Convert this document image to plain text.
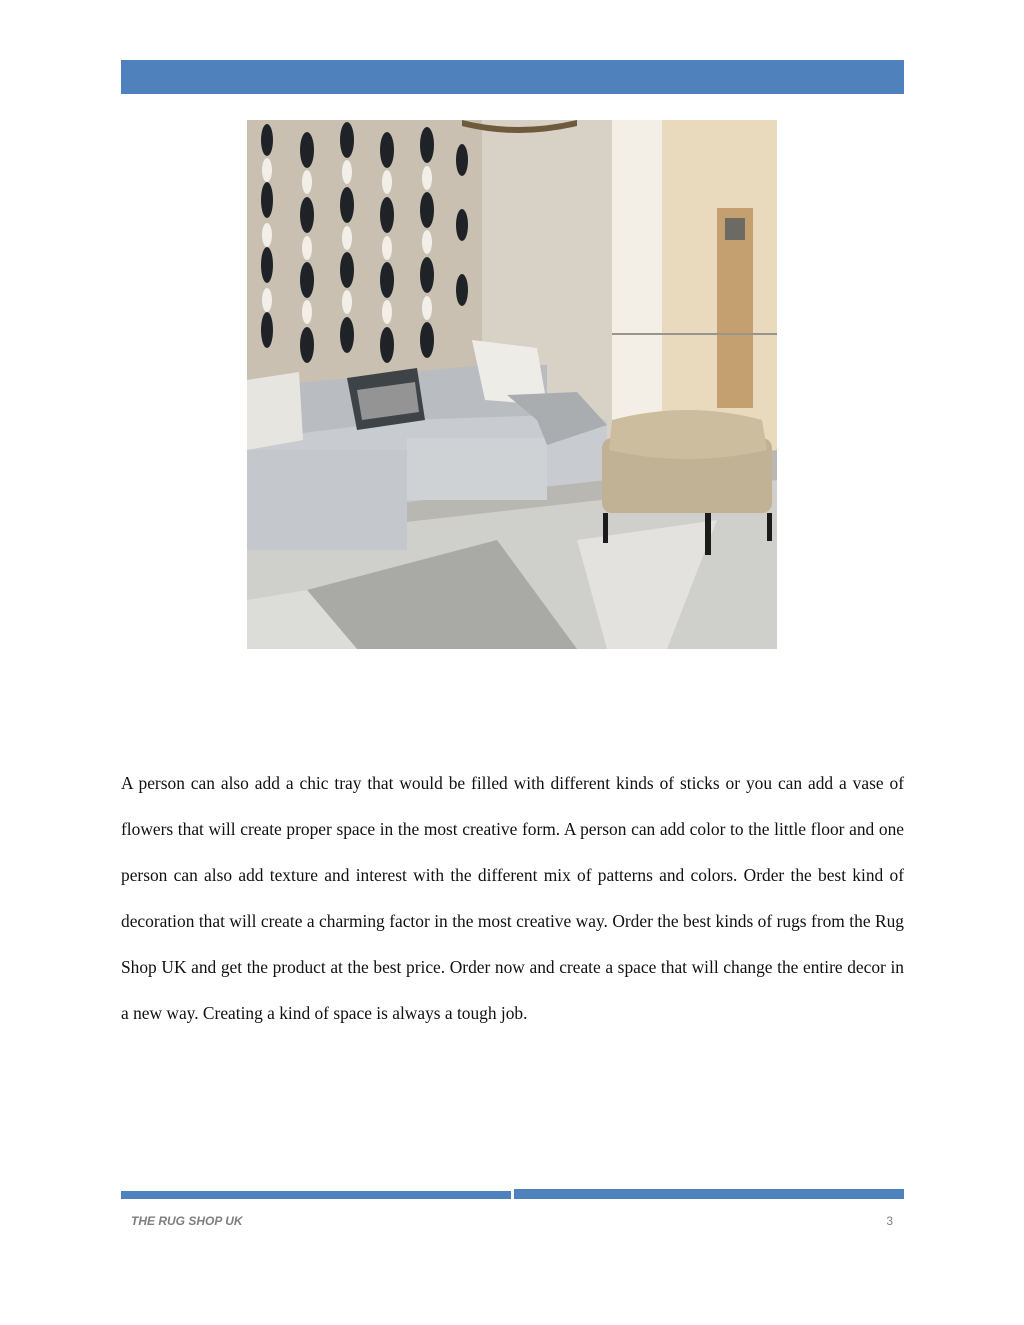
A person can also add a chic tray that would be filled with different kinds of sticks or you can add a vase of flowers that will create proper space in the most creative form. A person can add color to the little floor and one person can also add texture and interest with the different mix of patterns and colors. Order the best kind of decoration that will create a charming factor in the most creative way. Order the best kinds of rugs from the Rug Shop UK and get the product at the best price. Order now and create a space that will change the entire decor in a new way. Creating a kind of space is always a tough job.

THE RUG SHOP UK	3
